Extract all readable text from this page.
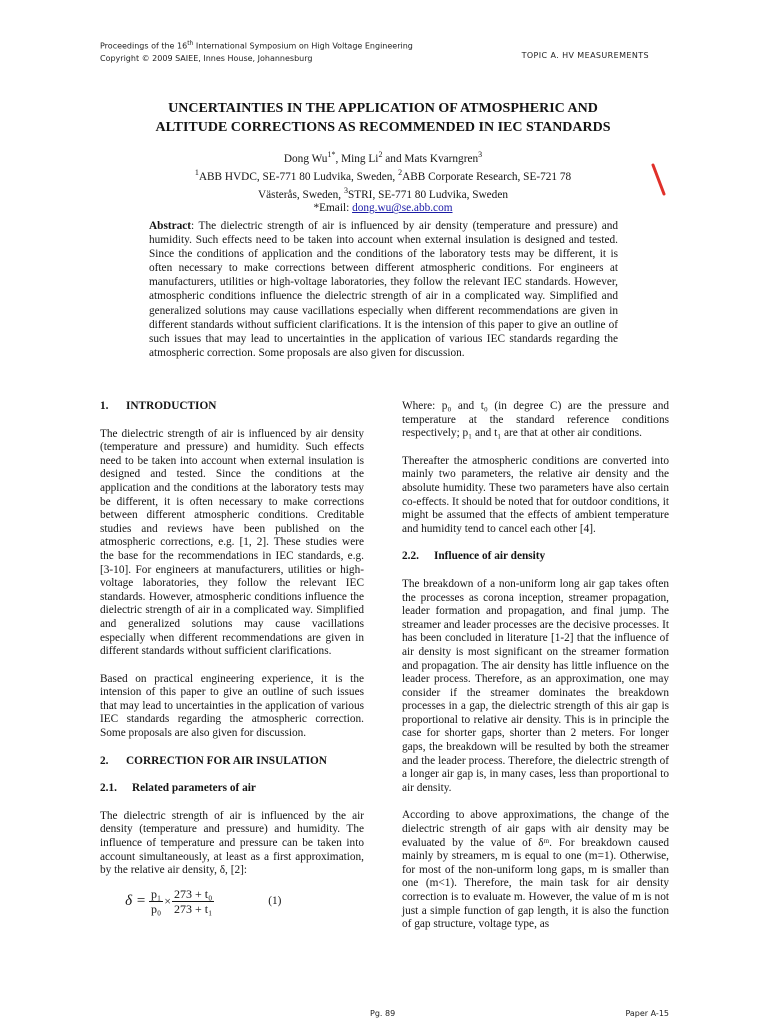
Proceedings of the 16th International Symposium on High Voltage Engineering
Copyright © 2009 SAIEE, Innes House, Johannesburg	TOPIC A. HV MEASUREMENTS
UNCERTAINTIES IN THE APPLICATION OF ATMOSPHERIC AND
ALTITUDE CORRECTIONS AS RECOMMENDED IN IEC STANDARDS
Dong $Wu^{1*}$, Ming Li$^2$ and Mats Kvarngren$^3$
$^1$ABB HVDC, SE-771 80 Ludvika, Sweden, $^2$ABB Corporate Research, SE-721 78
Västerås, Sweden, $^3$STRI, SE-771 80 Ludvika, Sweden
*Email: dong.wu@se.abb.com
Abstract: The dielectric strength of air is influenced by air density (temperature and pressure) and humidity. Such effects need to be taken into account when external insulation is designed and tested. Since the conditions of application and the conditions of the laboratory tests may be different, it is often necessary to make corrections between different atmospheric conditions. For engineers at manufacturers, utilities or high-voltage laboratories, they follow the relevant IEC standards. However, atmospheric conditions influence the dielectric strength of air in a complicated way. Simplified and generalized solutions may cause vacillations especially when different recommendations are given in different standards without sufficient clarifications. It is the intension of this paper to give an outline of such issues that may lead to uncertainties in the application of various IEC standards regarding the atmospheric correction. Some proposals are also given for discussion.
1. INTRODUCTION

The dielectric strength of air is influenced by air density (temperature and pressure) and humidity. Such effects need to be taken into account when external insulation is designed and tested. Since the conditions at the application and the conditions at the laboratory tests may be different, it is often necessary to make corrections between different atmospheric conditions. Creditable studies and reviews have been published on the atmospheric corrections, e.g. [1, 2]. These studies were the base for the recommendations in IEC standards, e.g. [3-10]. For engineers at manufacturers, utilities or high-voltage laboratories, they follow the relevant IEC standards. However, atmospheric conditions influence the dielectric strength of air in a complicated way. Simplified and generalized solutions may cause vacillations especially when different recommendations are given in different standards without sufficient clarifications.

Based on practical engineering experience, it is the intension of this paper to give an outline of such issues that may lead to uncertainties in the application of various IEC standards regarding the atmospheric correction. Some proposals are also given for discussion.

2. CORRECTION FOR AIR INSULATION
2.1. Related parameters of air

The dielectric strength of air is influenced by the air density (temperature and pressure) and humidity. The influence of temperature and pressure can be taken into account simultaneously, at least as a first approximation, by the relative air density, δ, [2]:

$\delta = \frac{\text{p₁}}{\text{p₀}} \times \frac{\text{273 + t₀}}{\text{273 + t₁}}$	(1)

Where: p₀ and t₀ (in degree C) are the pressure and temperature at the standard reference conditions respectively; p₁ and t₁ are that at other air conditions.

Thereafter the atmospheric conditions are converted into mainly two parameters, the relative air density and the absolute humidity. These two parameters have also certain co-effects. It should be noted that for outdoor conditions, it might be assumed that the effects of ambient temperature and humidity tend to cancel each other [4].

2.2. Influence of air density

The breakdown of a non-uniform long air gap takes often the processes as corona inception, streamer propagation, leader formation and propagation, and final jump. The streamer and leader processes are the decisive processes. It has been concluded in literature [1-2] that the influence of air density is most significant on the streamer formation and propagation. The air density has little influence on the leader process. Therefore, as an approximation, one may consider if the streamer dominates the breakdown processes in a gap, the dielectric strength of this air gap is proportional to relative air density. This is in principle the case for shorter gaps, shorter than 2 meters. For longer gaps, the breakdown will be resulted by both the streamer and the leader process. Therefore, the dielectric strength of a longer air gap is, in many cases, less than proportional to air density.

According to above approximations, the change of the dielectric strength of air gaps with air density may be evaluated by the value of δᵐ. For breakdown caused mainly by streamers, m is equal to one (m=1). Otherwise, for most of the non-uniform long gaps, m is smaller than one (m<1). Therefore, the main task for air density correction is to evaluate m. However, the value of m is not just a simple function of gap length, it is also the function of gap structure, voltage type, as

Pg. 89	Paper A-15
